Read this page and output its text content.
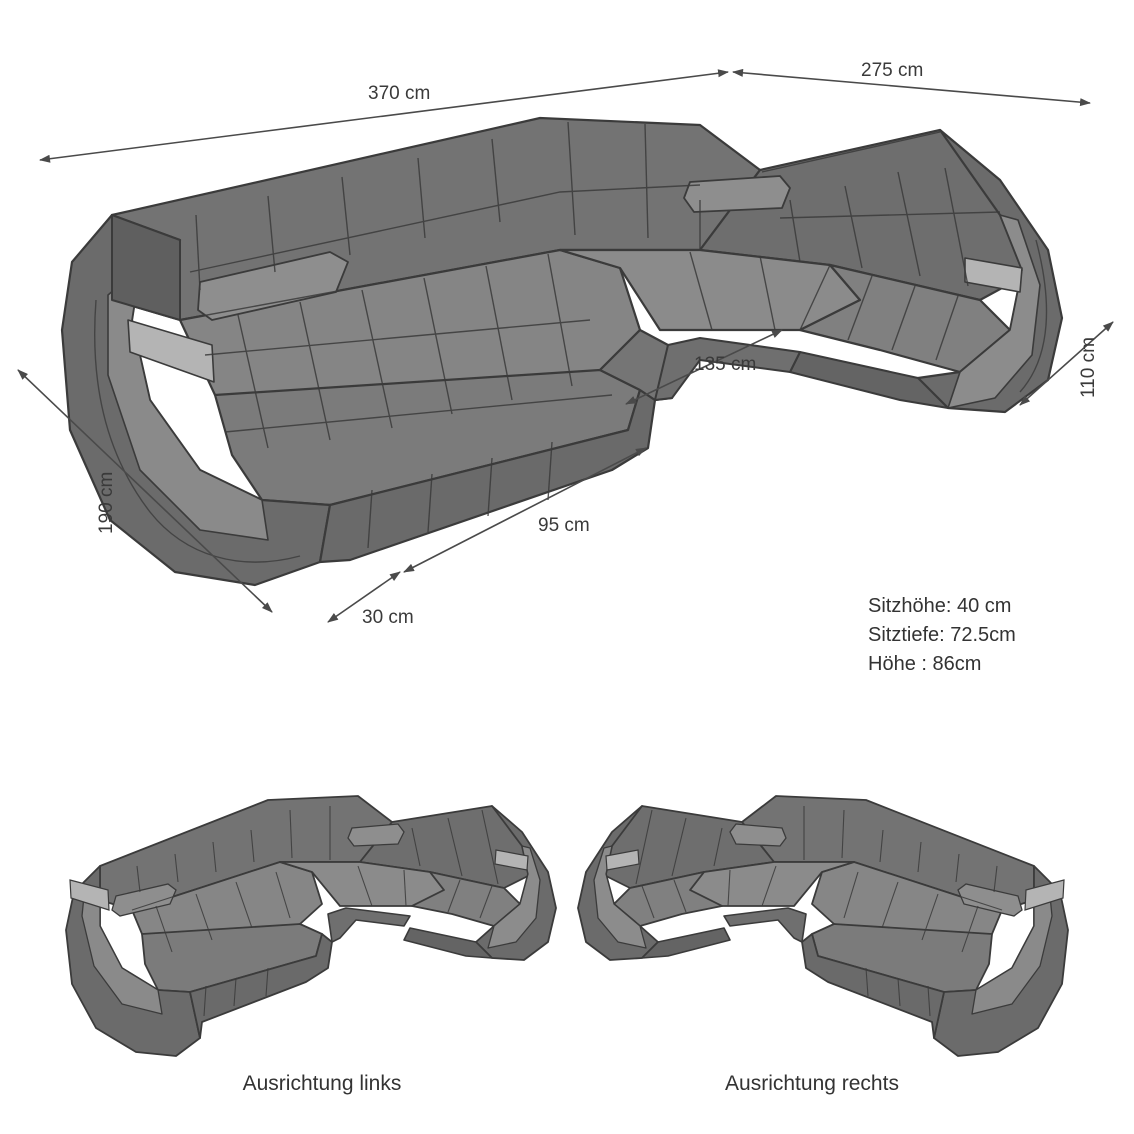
370 cm
275 cm
110 cm
135 cm
190 cm	95 cm
30 cm
Sitzhöhe: 40 cm
Sitztiefe: 72.5cm
Höhe : 86cm
Ausrichtung links	Ausrichtung rechts
